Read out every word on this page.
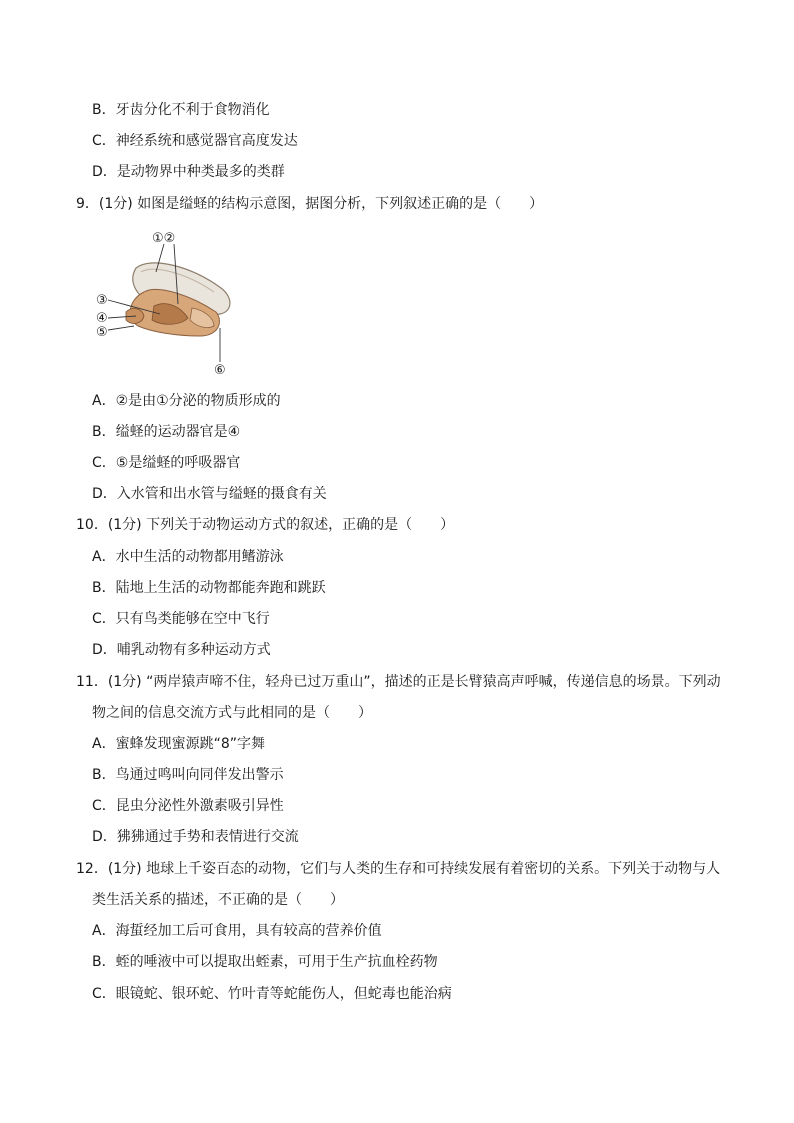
B．牙齿分化不利于食物消化
C．神经系统和感觉器官高度发达
D．是动物界中种类最多的类群
9．(1分) 如图是缢蛏的结构示意图，据图分析，下列叙述正确的是（　　）
①②
③
④
⑤
⑥
A．②是由①分泌的物质形成的
B．缢蛏的运动器官是④
C．⑤是缢蛏的呼吸器官
D．入水管和出水管与缢蛏的摄食有关
10．(1分) 下列关于动物运动方式的叙述，正确的是（　　）
A．水中生活的动物都用鳍游泳
B．陆地上生活的动物都能奔跑和跳跃
C．只有鸟类能够在空中飞行
D．哺乳动物有多种运动方式
11．(1分) “两岸猿声啼不住，轻舟已过万重山”，描述的正是长臂猿高声呼喊，传递信息的场景。下列动
物之间的信息交流方式与此相同的是（　　）
A．蜜蜂发现蜜源跳“8”字舞
B．鸟通过鸣叫向同伴发出警示
C．昆虫分泌性外激素吸引异性
D．狒狒通过手势和表情进行交流
12．(1分) 地球上千姿百态的动物，它们与人类的生存和可持续发展有着密切的关系。下列关于动物与人
类生活关系的描述，不正确的是（　　）
A．海蜇经加工后可食用，具有较高的营养价值
B．蛭的唾液中可以提取出蛭素，可用于生产抗血栓药物
C．眼镜蛇、银环蛇、竹叶青等蛇能伤人，但蛇毒也能治病
